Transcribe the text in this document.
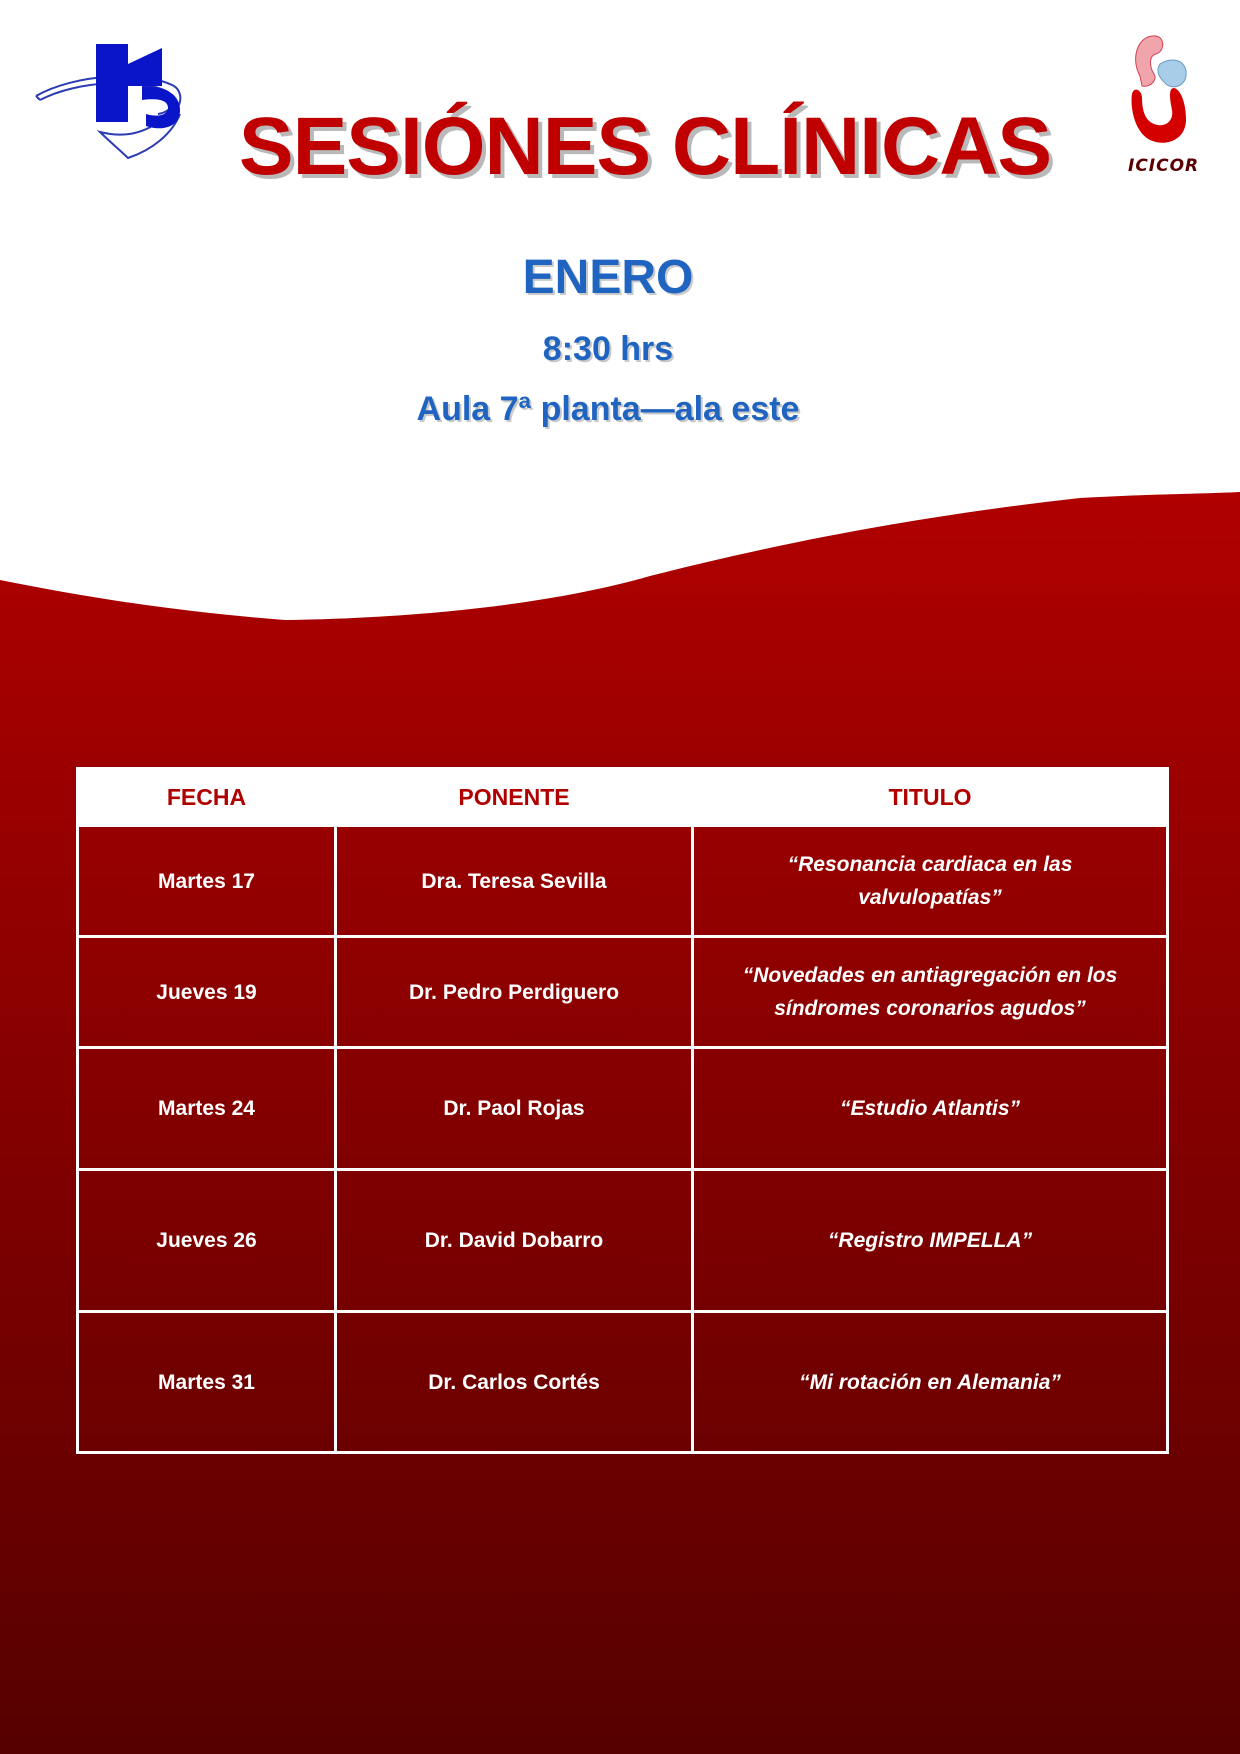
ICICOR
SESIÓNES CLÍNICAS
ENERO
8:30 hrs
Aula 7ª planta—ala este
FECHA	PONENTE	TITULO
Martes 17	Dra. Teresa Sevilla	“Resonancia cardiaca en las valvulopatías”
Jueves 19	Dr. Pedro Perdiguero	“Novedades en antiagregación en los síndromes coronarios agudos”
Martes 24	Dr. Paol Rojas	“Estudio Atlantis”
Jueves 26	Dr. David Dobarro	“Registro IMPELLA”
Martes 31	Dr. Carlos Cortés	“Mi rotación en Alemania”
